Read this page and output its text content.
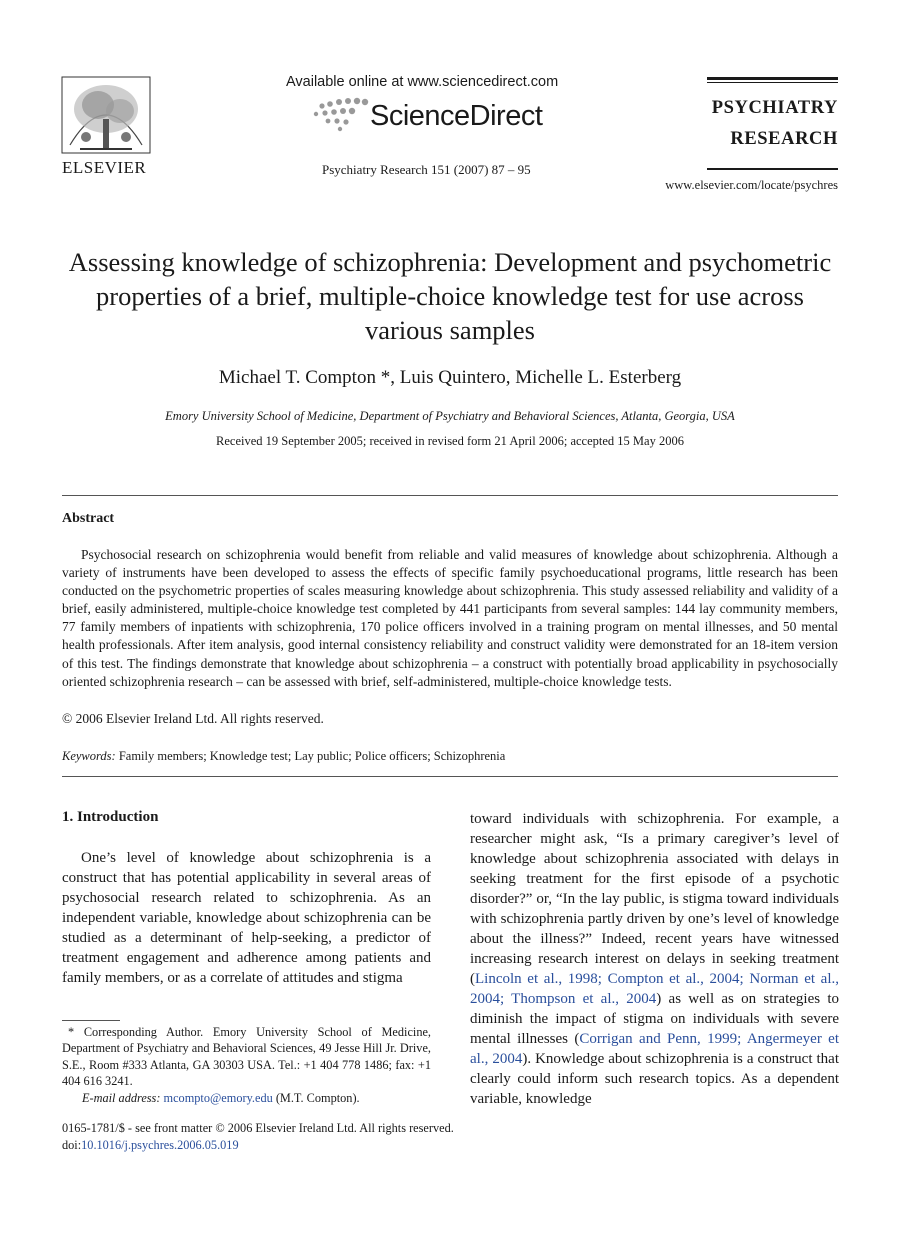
ELSEVIER
Available online at www.sciencedirect.com
ScienceDirect
Psychiatry Research 151 (2007) 87 – 95
PSYCHIATRY
RESEARCH
www.elsevier.com/locate/psychres
Assessing knowledge of schizophrenia: Development and psychometric properties of a brief, multiple-choice knowledge test for use across various samples
Michael T. Compton *, Luis Quintero, Michelle L. Esterberg
Emory University School of Medicine, Department of Psychiatry and Behavioral Sciences, Atlanta, Georgia, USA
Received 19 September 2005; received in revised form 21 April 2006; accepted 15 May 2006
Abstract
Psychosocial research on schizophrenia would benefit from reliable and valid measures of knowledge about schizophrenia. Although a variety of instruments have been developed to assess the effects of specific family psychoeducational programs, little research has been conducted on the psychometric properties of scales measuring knowledge about schizophrenia. This study assessed reliability and validity of a brief, easily administered, multiple-choice knowledge test completed by 441 participants from several samples: 144 lay community members, 77 family members of inpatients with schizophrenia, 170 police officers involved in a training program on mental illnesses, and 50 mental health professionals. After item analysis, good internal consistency reliability and construct validity were demonstrated for an 18-item version of this test. The findings demonstrate that knowledge about schizophrenia – a construct with potentially broad applicability in psychosocially oriented schizophrenia research – can be assessed with brief, self-administered, multiple-choice knowledge tests.
© 2006 Elsevier Ireland Ltd. All rights reserved.
Keywords: Family members; Knowledge test; Lay public; Police officers; Schizophrenia
1. Introduction
One’s level of knowledge about schizophrenia is a construct that has potential applicability in several areas of psychosocial research related to schizophrenia. As an independent variable, knowledge about schizophrenia can be studied as a determinant of help-seeking, a predictor of treatment engagement and adherence among patients and family members, or as a correlate of attitudes and stigma
toward individuals with schizophrenia. For example, a researcher might ask, “Is a primary caregiver’s level of knowledge about schizophrenia associated with delays in seeking treatment for the first episode of a psychotic disorder?” or, “In the lay public, is stigma toward individuals with schizophrenia partly driven by one’s level of knowledge about the illness?” Indeed, recent years have witnessed increasing research interest on delays in seeking treatment (Lincoln et al., 1998; Compton et al., 2004; Norman et al., 2004; Thompson et al., 2004) as well as on strategies to diminish the impact of stigma on individuals with severe mental illnesses (Corrigan and Penn, 1999; Angermeyer et al., 2004). Knowledge about schizophrenia is a construct that clearly could inform such research topics. As a dependent variable, knowledge
* Corresponding Author. Emory University School of Medicine, Department of Psychiatry and Behavioral Sciences, 49 Jesse Hill Jr. Drive, S.E., Room #333 Atlanta, GA 30303 USA. Tel.: +1 404 778 1486; fax: +1 404 616 3241.
E-mail address: mcompto@emory.edu (M.T. Compton).
0165-1781/$ - see front matter © 2006 Elsevier Ireland Ltd. All rights reserved.
doi:10.1016/j.psychres.2006.05.019
